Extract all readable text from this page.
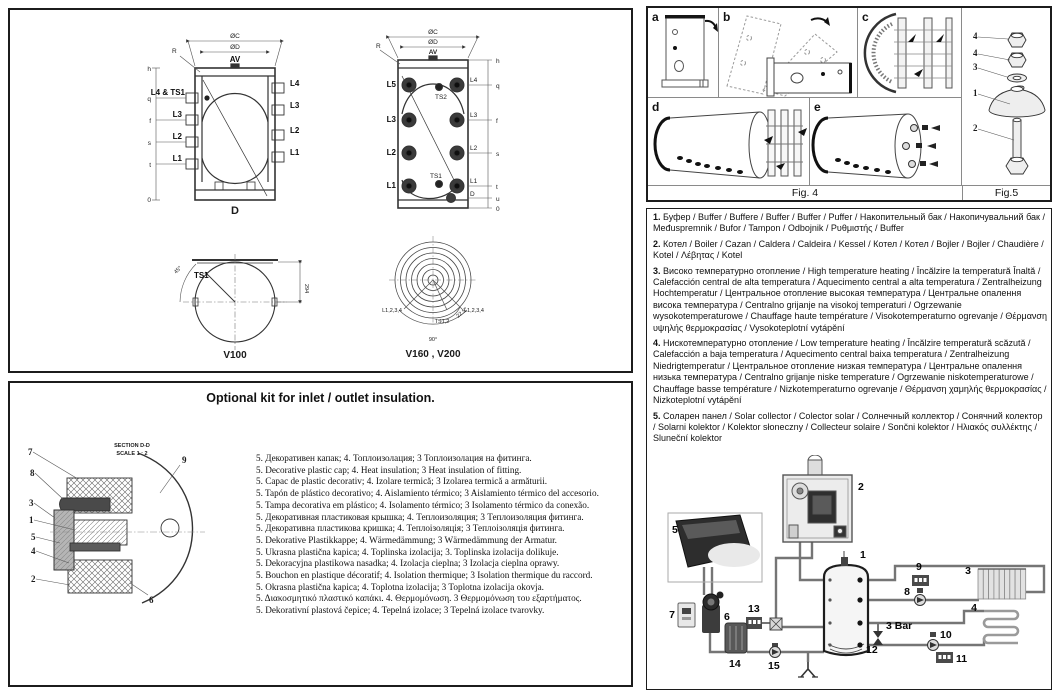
ØC
ØD
AV
R
L4 & TS1
L3
L2
L1
L4
L3
L2
L1
h
q
f
s
t
0
D
ØC
ØD
AV
R
L5
L3
L2
L1
L4
L3
L2
L1
TS2
TS1
D
h
q
f
s
t
u
0
TS1
45°
294
V100
L1,2,3,4	L1,2,3,4
TS1,2
22.5°
90°
V160 , V200
Optional kit for inlet / outlet insulation.
SECTION D-D
SCALE 1 : 2
7
8
3
1
5
4
2
9
6
5. Декоративен капак; 4. Топлоизолация; 3 Топлоизолация на фитинга.
5. Decorative plastic cap; 4. Heat insulation; 3 Heat insulation of fitting.
5. Capac de plastic decorativ; 4. Izolare termică; 3 Izolarea termică a armăturii.
5. Tapón de plástico decorativo; 4. Aislamiento térmico; 3 Aislamiento térmico del accesorio.
5. Tampa decorativa em plástico; 4. Isolamento térmico; 3 Isolamento térmico da conexão.
5. Декоративная пластиковая крышка; 4. Теплоизоляция; 3 Теплоизоляция фитинга.
5. Декоративна пластикова кришка; 4. Теплоізоляція; 3 Теплоізоляція фитинга.
5. Dekorative Plastikkappe; 4. Wärmedämmung; 3 Wärmedämmung der Armatur.
5. Ukrasna plastična kapica; 4. Toplinska izolacija; 3. Toplinska izolacija dolikuje.
5. Dekoracyjna plastikowa nasadka; 4. Izolacja cieplna; 3 Izolacja cieplna oprawy.
5. Bouchon en plastique décoratif; 4. Isolation thermique; 3 Isolation thermique du raccord.
5. Okrasna plastična kapica; 4. Toplotna izolacija; 3 Toplotna izolacija okovja.
5. Διακοσμητικό πλαστικό καπάκι. 4. Θερμομόνωση. 3 Θερμομόνωση του εξαρτήματος.
5. Dekorativní plastová čepice; 4. Tepelná izolace; 3 Tepelná izolace tvarovky.
a	b	c
d	e
4
4
3
1
2
Fig. 4	Fig.5

1. Буфер / Buffer / Buffere / Buffer / Buffer / Puffer / Накопительный бак / Накопичувальний бак / Međuspremnik / Bufor / Tampon / Odbojnik / Ρυθμιστής / Buffer

2. Котел / Boiler / Cazan / Caldera / Caldeira / Kessel / Котел / Котел / Bojler / Bojler / Chaudière / Kotel / Λέβητας / Kotel

3. Високо температурно отопление / High temperature heating / Încălzire la temperatură Înaltă / Calefacción central de alta temperatura / Aquecimento central a alta temperatura / Zentralheizung Hochtemperatur / Центральное отопление высокая температура / Центральне опалення висока температура / Centralno grijanje na visokoj temperaturi / Ogrzewanie wysokotemperaturowe / Chauffage haute température / Visokotemperaturno ogrevanje / Θέρμανση υψηλής θερμοκρασίας / Vysokoteplotní vytápění

4. Нискотемпературно отопление / Low temperature heating / Încălzire temperatură scăzută / Calefacción a baja temperatura / Aquecimento central baixa temperatura / Zentralheizung Niedrigtemperatur / Центральное отопление низкая температура / Центральне опалення низька температура / Centralno grijanje niske temperature / Ogrzewanie niskotemperaturowe / Chauffage basse température / Nizkotemperaturno ogrevanje / Θέρμανση χαμηλής θερμοκρασίας / Nizkoteplotní vytápění

5. Соларен панел / Solar collector / Colector solar / Солнечный коллектор / Сонячний колектор / Solarni kolektor / Kolektor słoneczny / Collecteur solaire / Sončni kolektor / Ηλιακός συλλέκτης / Sluneční kolektor

1
2
3
4
5
6
7
8
9
10
11
12
13
14	15
3 Bar
